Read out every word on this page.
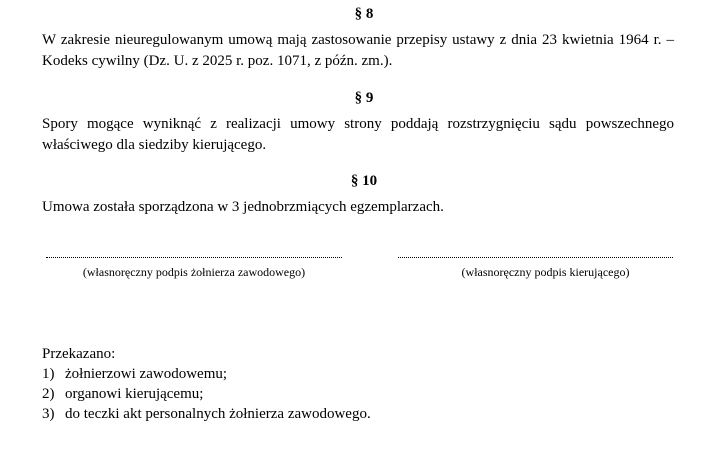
§ 8
W zakresie nieuregulowanym umową mają zastosowanie przepisy ustawy z dnia 23 kwietnia 1964 r. –
Kodeks cywilny (Dz. U. z 2025 r. poz. 1071, z późn. zm.).
§ 9
Spory mogące wyniknąć z realizacji umowy strony poddają rozstrzygnięciu sądu powszechnego
właściwego dla siedziby kierującego.
§ 10
Umowa została sporządzona w 3 jednobrzmiących egzemplarzach.
(własnoręczny podpis żołnierza zawodowego)	(własnoręczny podpis kierującego)
Przekazano:
1) żołnierzowi zawodowemu;
2) organowi kierującemu;
3) do teczki akt personalnych żołnierza zawodowego.
